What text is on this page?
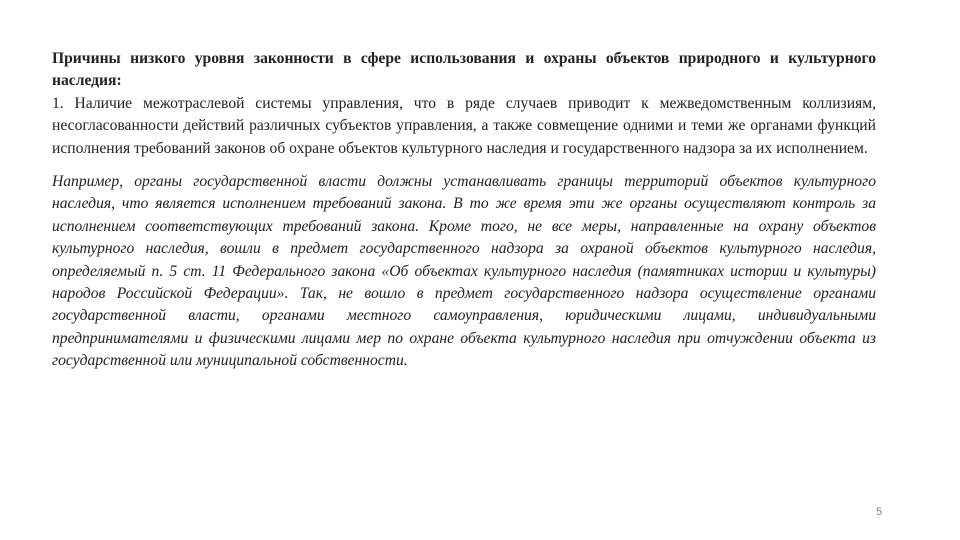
Причины низкого уровня законности в сфере использования и охраны объектов природного и культурного наследия:

1. Наличие межотраслевой системы управления, что в ряде случаев приводит к межведомственным коллизиям, несогласованности действий различных субъектов управления, а также совмещение одними и теми же органами функций исполнения требований законов об охране объектов культурного наследия и государственного надзора за их исполнением.

Например, органы государственной власти должны устанавливать границы территорий объектов культурного наследия, что является исполнением требований закона. В то же время эти же органы осуществляют контроль за исполнением соответствующих требований закона. Кроме того, не все меры, направленные на охрану объектов культурного наследия, вошли в предмет государственного надзора за охраной объектов культурного наследия, определяемый п. 5 ст. 11 Федерального закона «Об объектах культурного наследия (памятниках истории и культуры) народов Российской Федерации». Так, не вошло в предмет государственного надзора осуществление органами государственной власти, органами местного самоуправления, юридическими лицами, индивидуальными предпринимателями и физическими лицами мер по охране объекта культурного наследия при отчуждении объекта из государственной или муниципальной собственности.

5
